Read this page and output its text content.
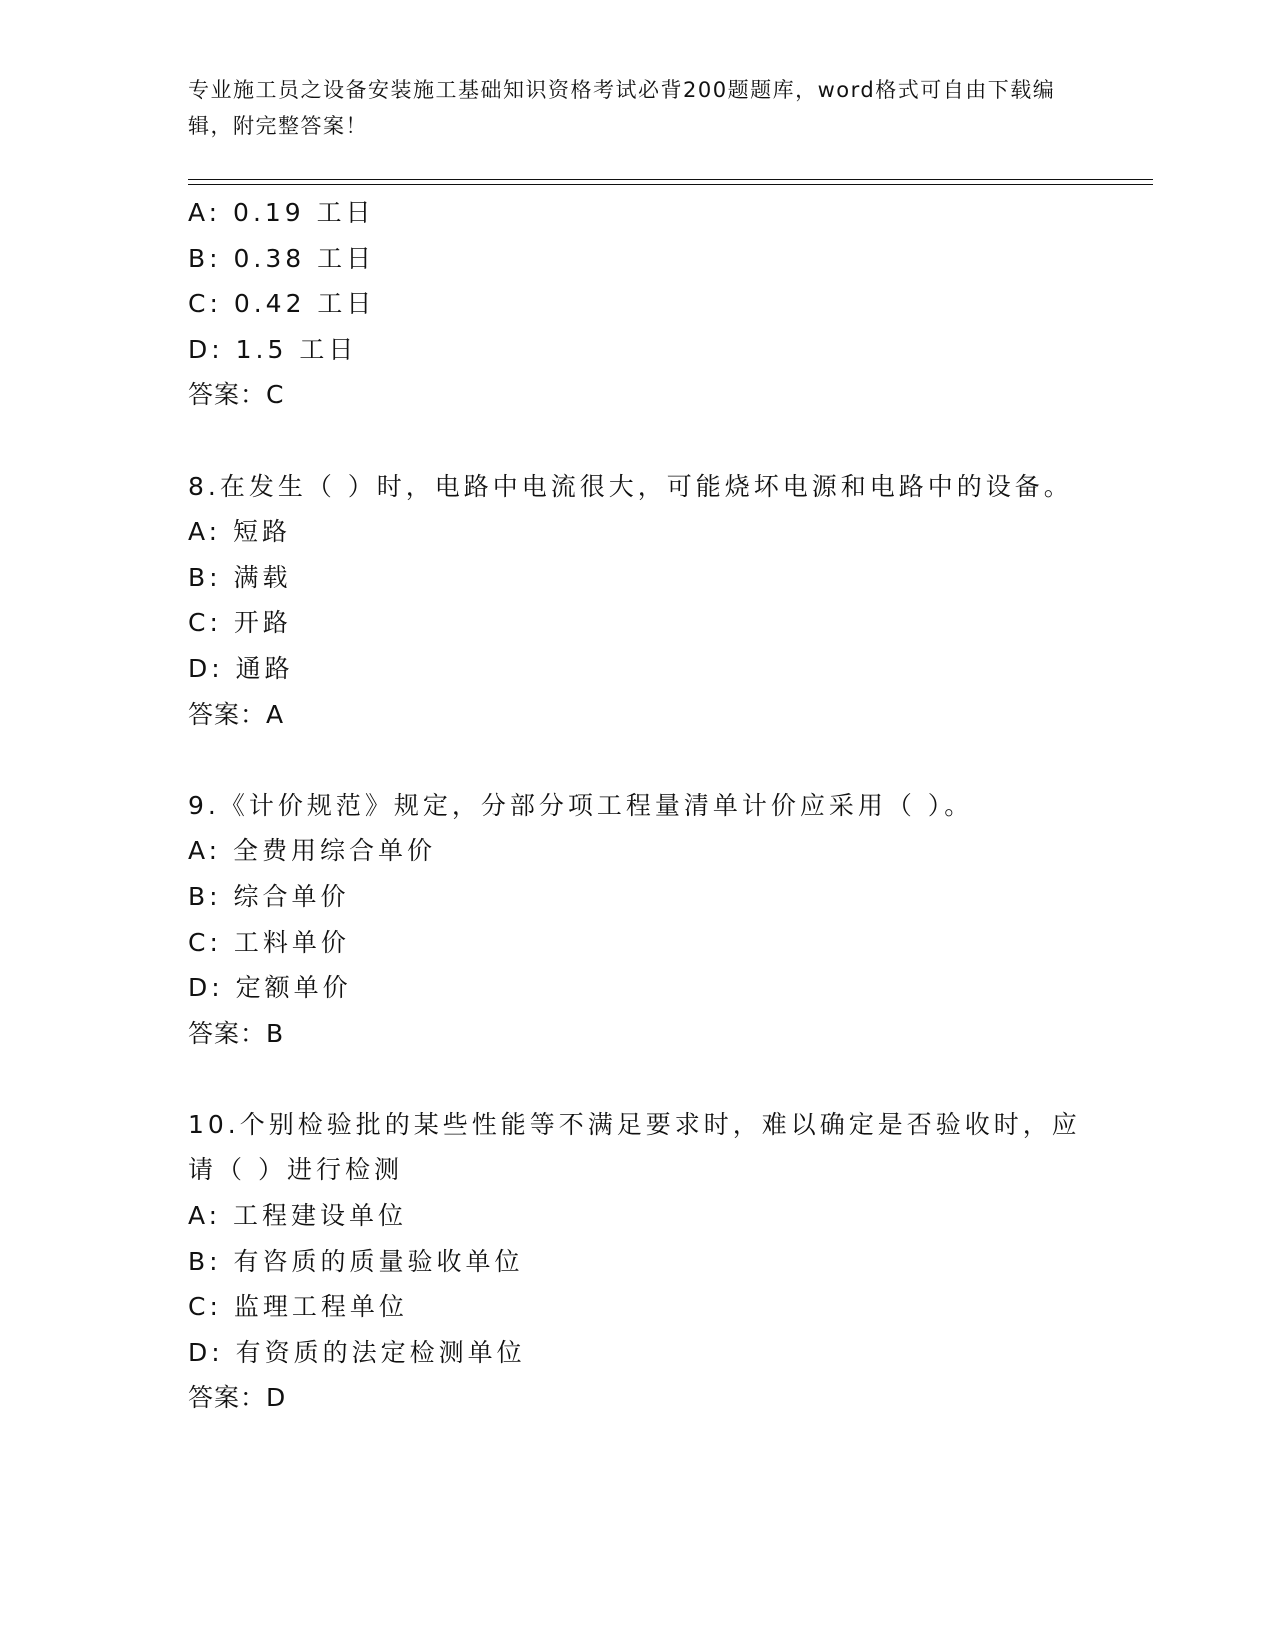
专业施工员之设备安装施工基础知识资格考试必背200题题库，word格式可自由下载编辑，附完整答案！

A: 0.19 工日
B: 0.38 工日
C: 0.42 工日
D: 1.5 工日
答案：C
8.在发生（ ）时，电路中电流很大，可能烧坏电源和电路中的设备。
A: 短路
B: 满载
C: 开路
D: 通路
答案：A
9.《计价规范》规定，分部分项工程量清单计价应采用（ ）。
A: 全费用综合单价
B: 综合单价
C: 工料单价
D: 定额单价
答案：B
10.个别检验批的某些性能等不满足要求时，难以确定是否验收时，应请（ ）进行检测
A: 工程建设单位
B: 有咨质的质量验收单位
C: 监理工程单位
D: 有资质的法定检测单位
答案：D
